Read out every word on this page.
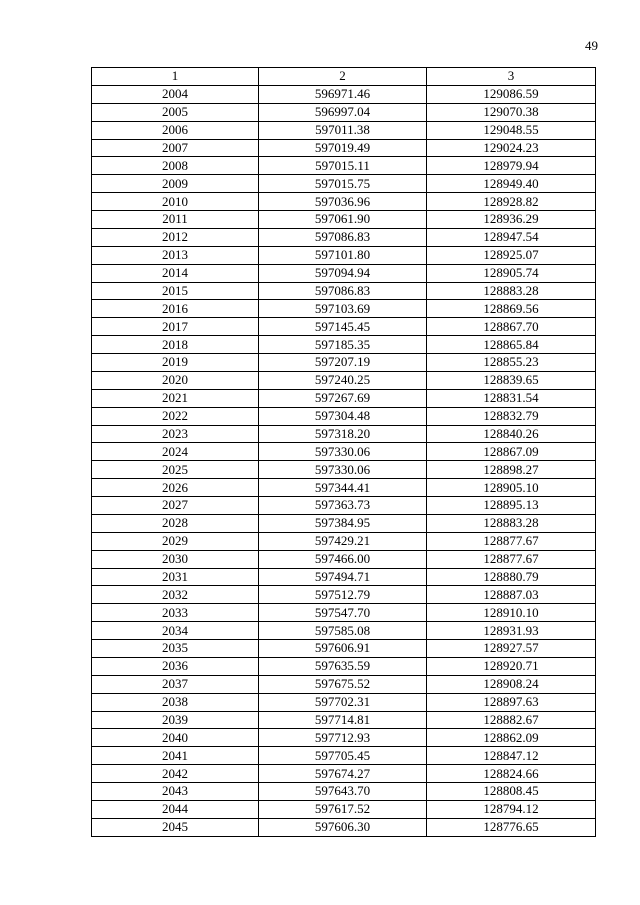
49
1	2	3
2004	596971.46	129086.59
2005	596997.04	129070.38
2006	597011.38	129048.55
2007	597019.49	129024.23
2008	597015.11	128979.94
2009	597015.75	128949.40
2010	597036.96	128928.82
2011	597061.90	128936.29
2012	597086.83	128947.54
2013	597101.80	128925.07
2014	597094.94	128905.74
2015	597086.83	128883.28
2016	597103.69	128869.56
2017	597145.45	128867.70
2018	597185.35	128865.84
2019	597207.19	128855.23
2020	597240.25	128839.65
2021	597267.69	128831.54
2022	597304.48	128832.79
2023	597318.20	128840.26
2024	597330.06	128867.09
2025	597330.06	128898.27
2026	597344.41	128905.10
2027	597363.73	128895.13
2028	597384.95	128883.28
2029	597429.21	128877.67
2030	597466.00	128877.67
2031	597494.71	128880.79
2032	597512.79	128887.03
2033	597547.70	128910.10
2034	597585.08	128931.93
2035	597606.91	128927.57
2036	597635.59	128920.71
2037	597675.52	128908.24
2038	597702.31	128897.63
2039	597714.81	128882.67
2040	597712.93	128862.09
2041	597705.45	128847.12
2042	597674.27	128824.66
2043	597643.70	128808.45
2044	597617.52	128794.12
2045	597606.30	128776.65
